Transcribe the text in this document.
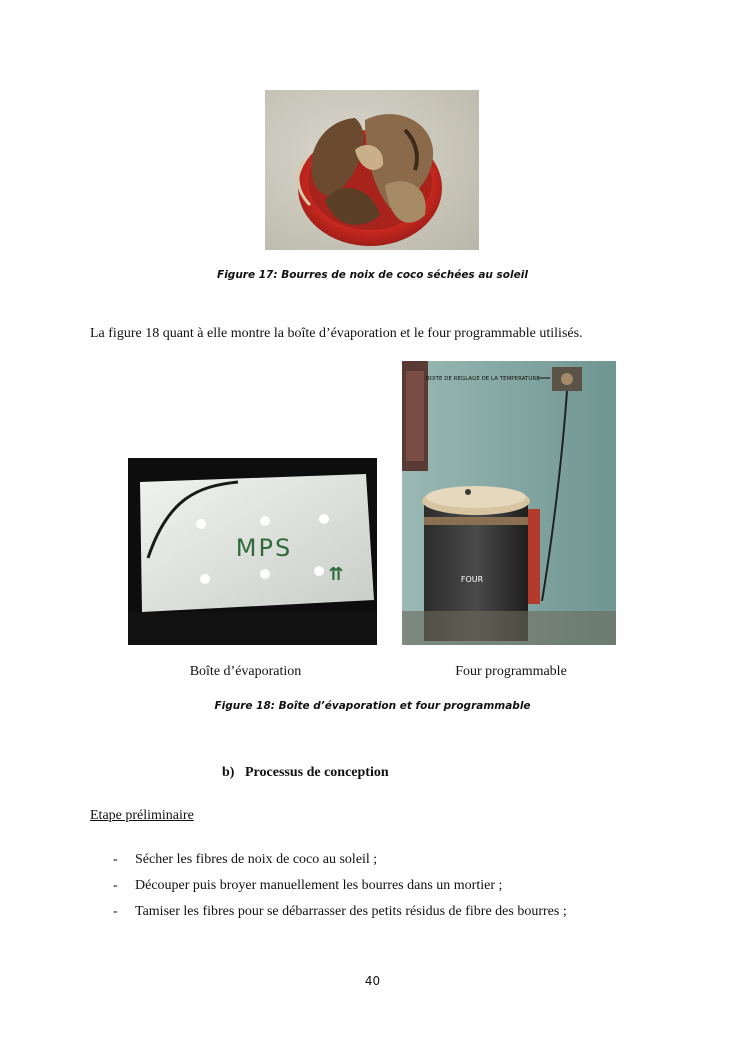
Figure 17: Bourres de noix de coco séchées au soleil
La figure 18 quant à elle montre la boîte d’évaporation et le four programmable utilisés.
MPS
⇈
BOITE DE REGLAGE DE LA TEMPERATURE
FOUR
Boîte d’évaporation	Four programmable
Figure 18: Boîte d’évaporation et four programmable
b) Processus de conception
Etape préliminaire
- Sécher les fibres de noix de coco au soleil ;
- Découper puis broyer manuellement les bourres dans un mortier ;
- Tamiser les fibres pour se débarrasser des petits résidus de fibre des bourres ;
40
